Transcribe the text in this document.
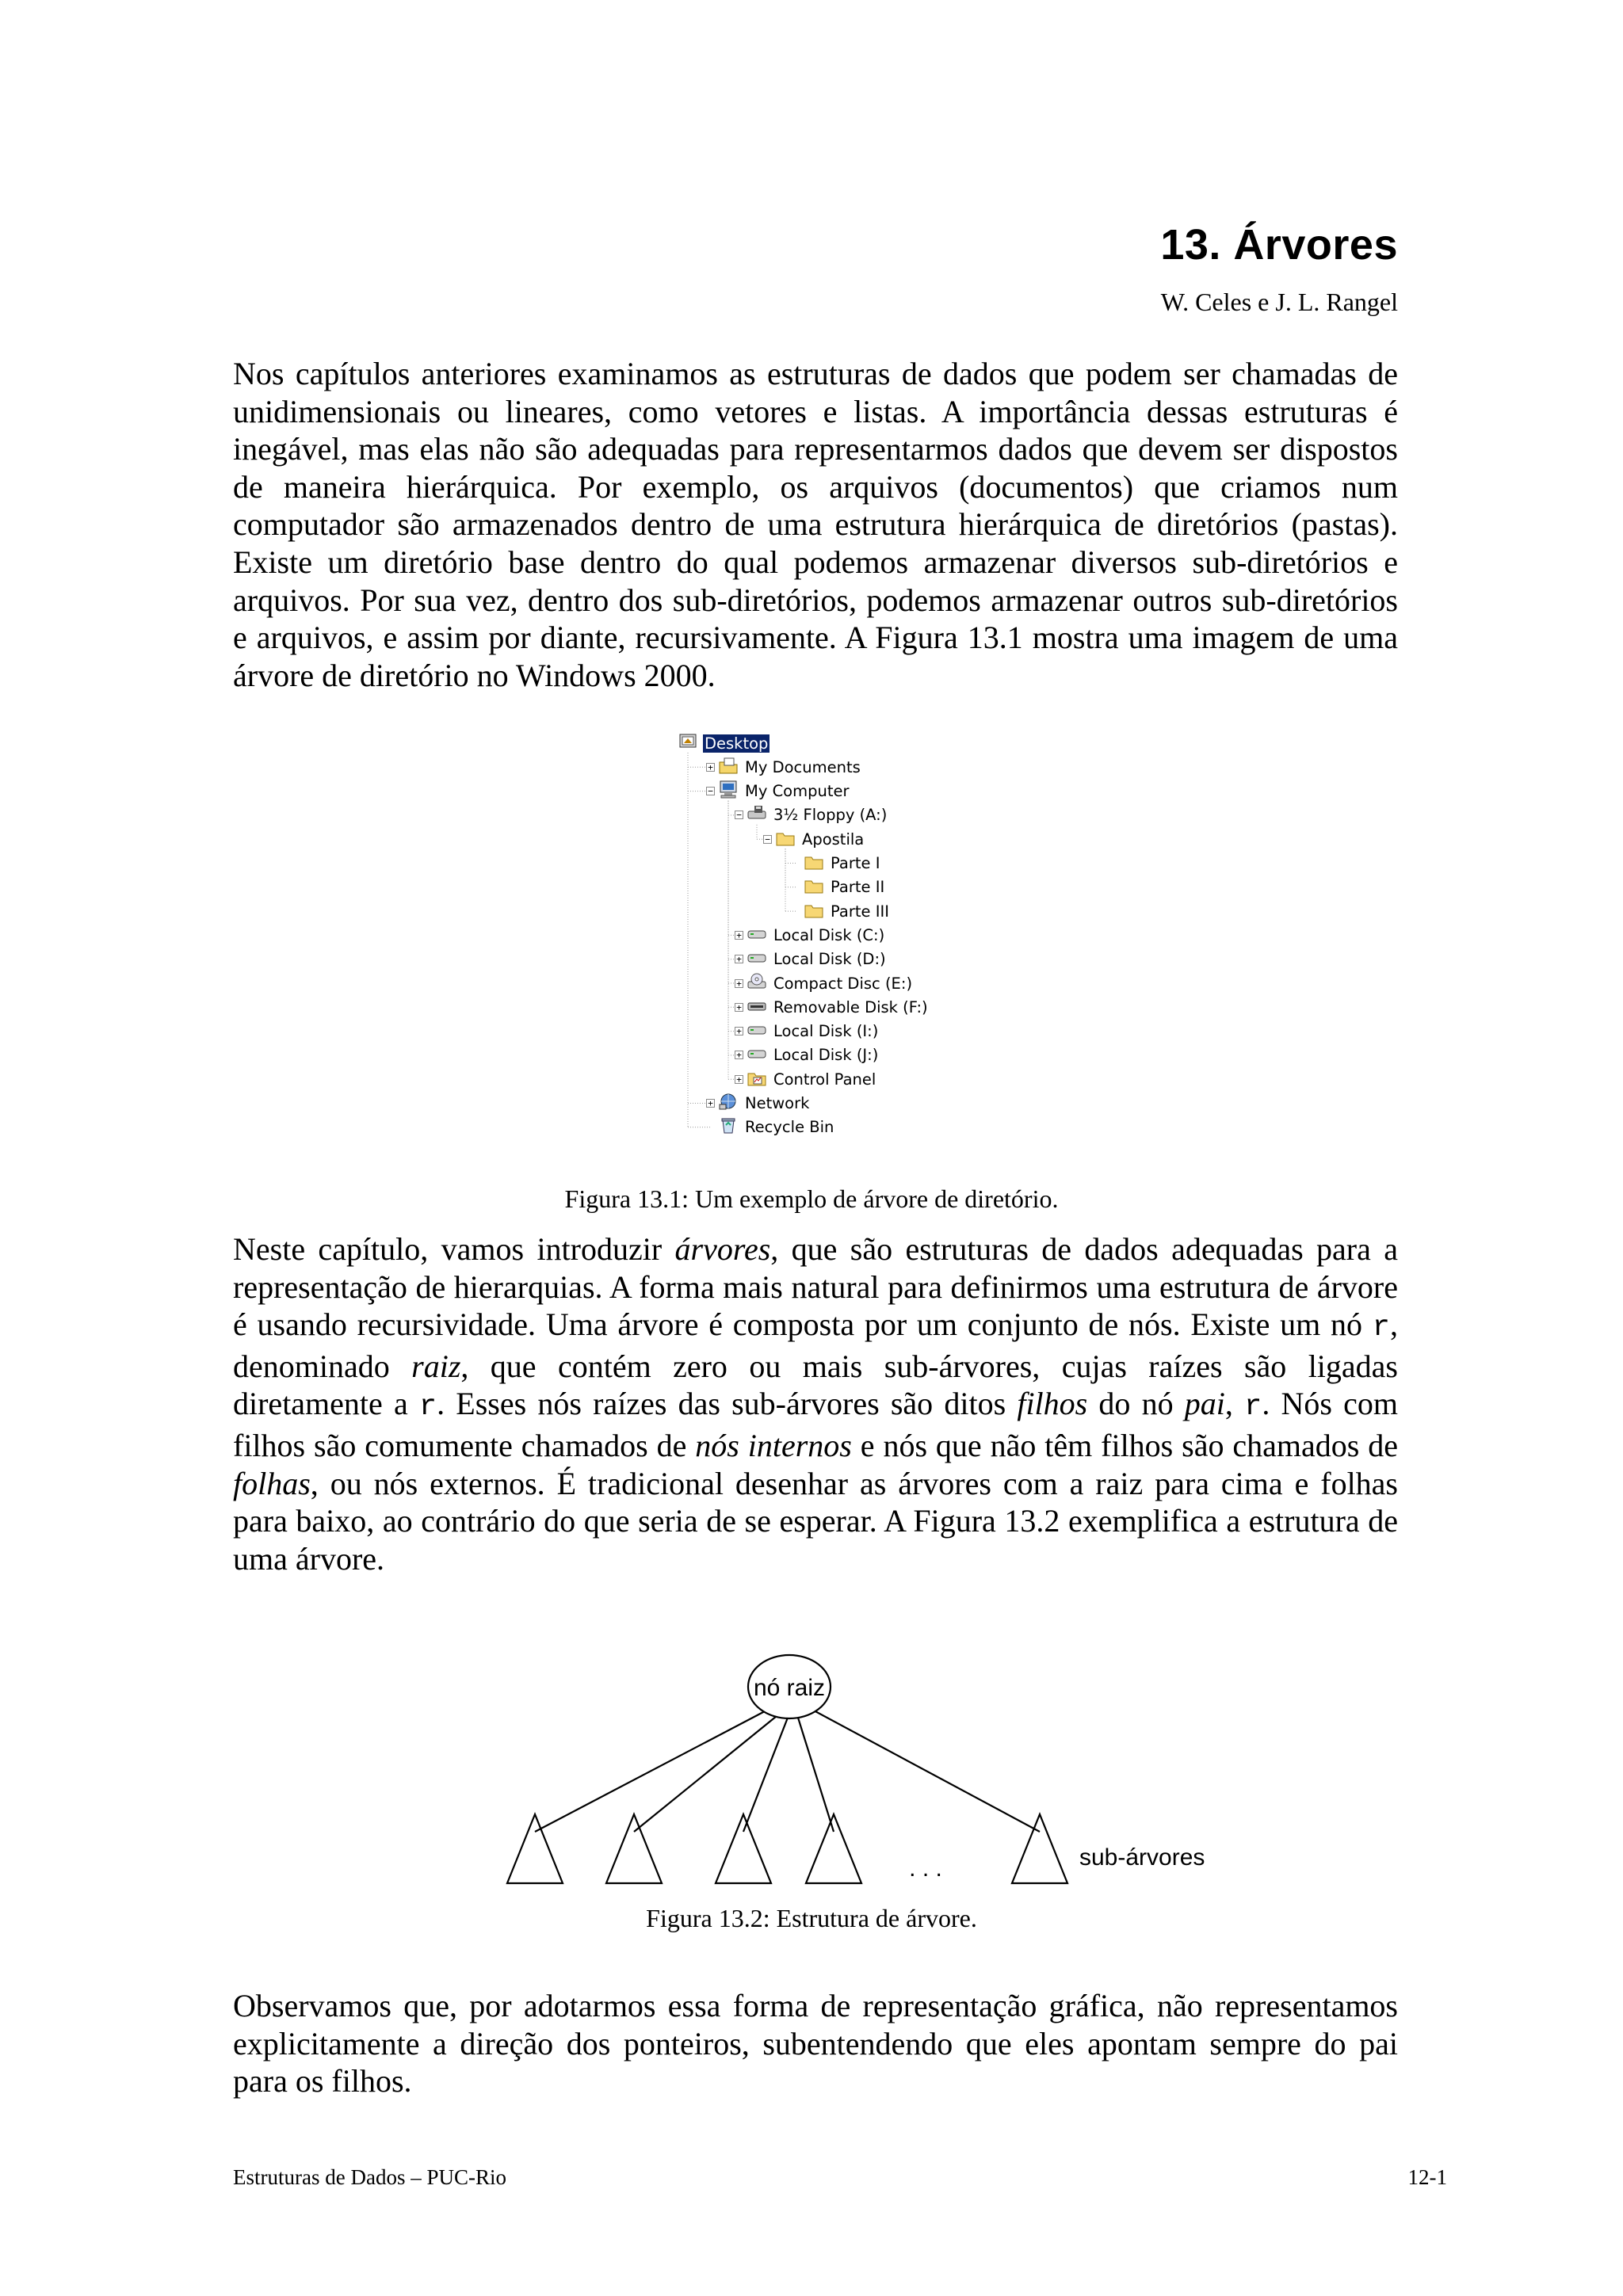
13. Árvores
W. Celes e J. L. Rangel

Nos capítulos anteriores examinamos as estruturas de dados que podem ser chamadas de unidimensionais ou lineares, como vetores e listas. A importância dessas estruturas é inegável, mas elas não são adequadas para representarmos dados que devem ser dispostos de maneira hierárquica. Por exemplo, os arquivos (documentos) que criamos num computador são armazenados dentro de uma estrutura hierárquica de diretórios (pastas). Existe um diretório base dentro do qual podemos armazenar diversos sub-diretórios e arquivos. Por sua vez, dentro dos sub-diretórios, podemos armazenar outros sub-diretórios e arquivos, e assim por diante, recursivamente. A Figura 13.1 mostra uma imagem de uma árvore de diretório no Windows 2000.

Desktop
+ My Documents
− My Computer
− 3½ Floppy (A:)
− Apostila
Parte I
Parte II
Parte III
+ Local Disk (C:)
+ Local Disk (D:)
+ Compact Disc (E:)
+ Removable Disk (F:)
+ Local Disk (I:)
+ Local Disk (J:)
+ Control Panel
+ Network
Recycle Bin
Figura 13.1: Um exemplo de árvore de diretório.

Neste capítulo, vamos introduzir árvores, que são estruturas de dados adequadas para a representação de hierarquias. A forma mais natural para definirmos uma estrutura de árvore é usando recursividade. Uma árvore é composta por um conjunto de nós. Existe um nó r, denominado raiz, que contém zero ou mais sub-árvores, cujas raízes são ligadas diretamente a r. Esses nós raízes das sub-árvores são ditos filhos do nó pai, r. Nós com filhos são comumente chamados de nós internos e nós que não têm filhos são chamados de folhas, ou nós externos. É tradicional desenhar as árvores com a raiz para cima e folhas para baixo, ao contrário do que seria de se esperar. A Figura 13.2 exemplifica a estrutura de uma árvore.

nó raiz
. . .	sub-árvores
Figura 13.2: Estrutura de árvore.

Observamos que, por adotarmos essa forma de representação gráfica, não representamos explicitamente a direção dos ponteiros, subentendendo que eles apontam sempre do pai para os filhos.

Estruturas de Dados – PUC-Rio	12-1
